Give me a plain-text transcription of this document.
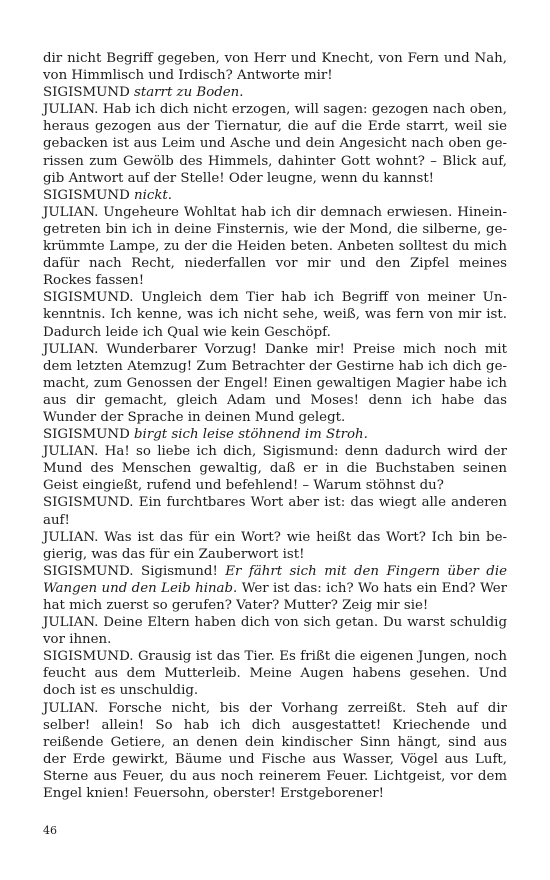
dir nicht Begriff gegeben, von Herr und Knecht, von Fern und Nah, von Himmlisch und Irdisch? Antworte mir!

SIGISMUND starrt zu Boden.

JULIAN. Hab ich dich nicht erzogen, will sagen: gezogen nach oben, heraus gezogen aus der Tiernatur, die auf die Erde starrt, weil sie gebacken ist aus Leim und Asche und dein Angesicht nach oben gerissen zum Gewölb des Himmels, dahinter Gott wohnt? – Blick auf, gib Antwort auf der Stelle! Oder leugne, wenn du kannst!

SIGISMUND nickt.

JULIAN. Ungeheure Wohltat hab ich dir demnach erwiesen. Hineingetreten bin ich in deine Finsternis, wie der Mond, die silberne, gekrümmte Lampe, zu der die Heiden beten. Anbeten solltest du mich dafür nach Recht, niederfallen vor mir und den Zipfel meines Rockes fassen!

SIGISMUND. Ungleich dem Tier hab ich Begriff von meiner Unkenntnis. Ich kenne, was ich nicht sehe, weiß, was fern von mir ist. Dadurch leide ich Qual wie kein Geschöpf.

JULIAN. Wunderbarer Vorzug! Danke mir! Preise mich noch mit dem letzten Atemzug! Zum Betrachter der Gestirne hab ich dich gemacht, zum Genossen der Engel! Einen gewaltigen Magier habe ich aus dir gemacht, gleich Adam und Moses! denn ich habe das Wunder der Sprache in deinen Mund gelegt.

SIGISMUND birgt sich leise stöhnend im Stroh.

JULIAN. Ha! so liebe ich dich, Sigismund: denn dadurch wird der Mund des Menschen gewaltig, daß er in die Buchstaben seinen Geist eingießt, rufend und befehlend! – Warum stöhnst du?

SIGISMUND. Ein furchtbares Wort aber ist: das wiegt alle anderen auf!

JULIAN. Was ist das für ein Wort? wie heißt das Wort? Ich bin begierig, was das für ein Zauberwort ist!

SIGISMUND. Sigismund! Er fährt sich mit den Fingern über die Wangen und den Leib hinab. Wer ist das: ich? Wo hats ein End? Wer hat mich zuerst so gerufen? Vater? Mutter? Zeig mir sie!

JULIAN. Deine Eltern haben dich von sich getan. Du warst schuldig vor ihnen.

SIGISMUND. Grausig ist das Tier. Es frißt die eigenen Jungen, noch feucht aus dem Mutterleib. Meine Augen habens gesehen. Und doch ist es unschuldig.

JULIAN. Forsche nicht, bis der Vorhang zerreißt. Steh auf dir selber! allein! So hab ich dich ausgestattet! Kriechende und reißende Getiere, an denen dein kindischer Sinn hängt, sind aus der Erde gewirkt, Bäume und Fische aus Wasser, Vögel aus Luft, Sterne aus Feuer, du aus noch reinerem Feuer. Lichtgeist, vor dem Engel knien! Feuersohn, oberster! Erstgeborener!

46
